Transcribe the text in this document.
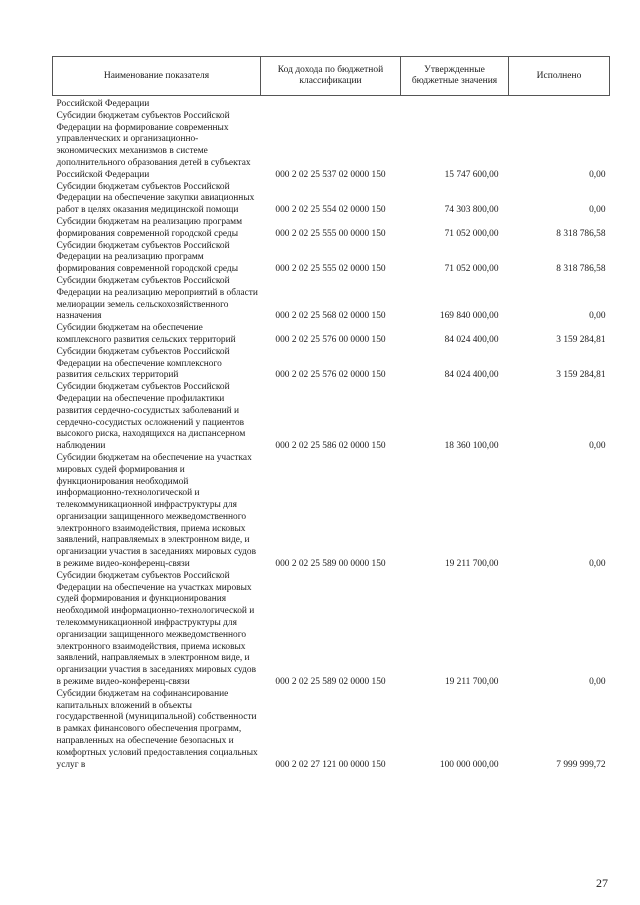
Наименование показателя	Код дохода по бюджетной классификации	Утвержденные бюджетные значения	Исполнено
Российской Федерации			
Субсидии бюджетам субъектов Российской Федерации на формирование современных управленческих и организационно-экономических механизмов в системе дополнительного образования детей в субъектах Российской Федерации	000 2 02 25 537 02 0000 150	15 747 600,00	0,00
Субсидии бюджетам субъектов Российской Федерации на обеспечение закупки авиационных работ в целях оказания медицинской помощи	000 2 02 25 554 02 0000 150	74 303 800,00	0,00
Субсидии бюджетам на реализацию программ формирования современной городской среды	000 2 02 25 555 00 0000 150	71 052 000,00	8 318 786,58
Субсидии бюджетам субъектов Российской Федерации на реализацию программ формирования современной городской среды	000 2 02 25 555 02 0000 150	71 052 000,00	8 318 786,58
Субсидии бюджетам субъектов Российской Федерации на реализацию мероприятий в области мелиорации земель сельскохозяйственного назначения	000 2 02 25 568 02 0000 150	169 840 000,00	0,00
Субсидии бюджетам на обеспечение комплексного развития сельских территорий	000 2 02 25 576 00 0000 150	84 024 400,00	3 159 284,81
Субсидии бюджетам субъектов Российской Федерации на обеспечение комплексного развития сельских территорий	000 2 02 25 576 02 0000 150	84 024 400,00	3 159 284,81
Субсидии бюджетам субъектов Российской Федерации на обеспечение профилактики развития сердечно-сосудистых заболеваний и сердечно-сосудистых осложнений у пациентов высокого риска, находящихся на диспансерном наблюдении	000 2 02 25 586 02 0000 150	18 360 100,00	0,00
Субсидии бюджетам на обеспечение на участках мировых судей формирования и функционирования необходимой информационно-технологической и телекоммуникационной инфраструктуры для организации защищенного межведомственного электронного взаимодействия, приема исковых заявлений, направляемых в электронном виде, и организации участия в заседаниях мировых судов в режиме видео-конференц-связи	000 2 02 25 589 00 0000 150	19 211 700,00	0,00
Субсидии бюджетам субъектов Российской Федерации на обеспечение на участках мировых судей формирования и функционирования необходимой информационно-технологической и телекоммуникационной инфраструктуры для организации защищенного межведомственного электронного взаимодействия, приема исковых заявлений, направляемых в электронном виде, и организации участия в заседаниях мировых судов в режиме видео-конференц-связи	000 2 02 25 589 02 0000 150	19 211 700,00	0,00
Субсидии бюджетам на софинансирование капитальных вложений в объекты государственной (муниципальной) собственности в рамках финансового обеспечения программ, направленных на обеспечение безопасных и комфортных условий предоставления социальных услуг в	000 2 02 27 121 00 0000 150	100 000 000,00	7 999 999,72
27
